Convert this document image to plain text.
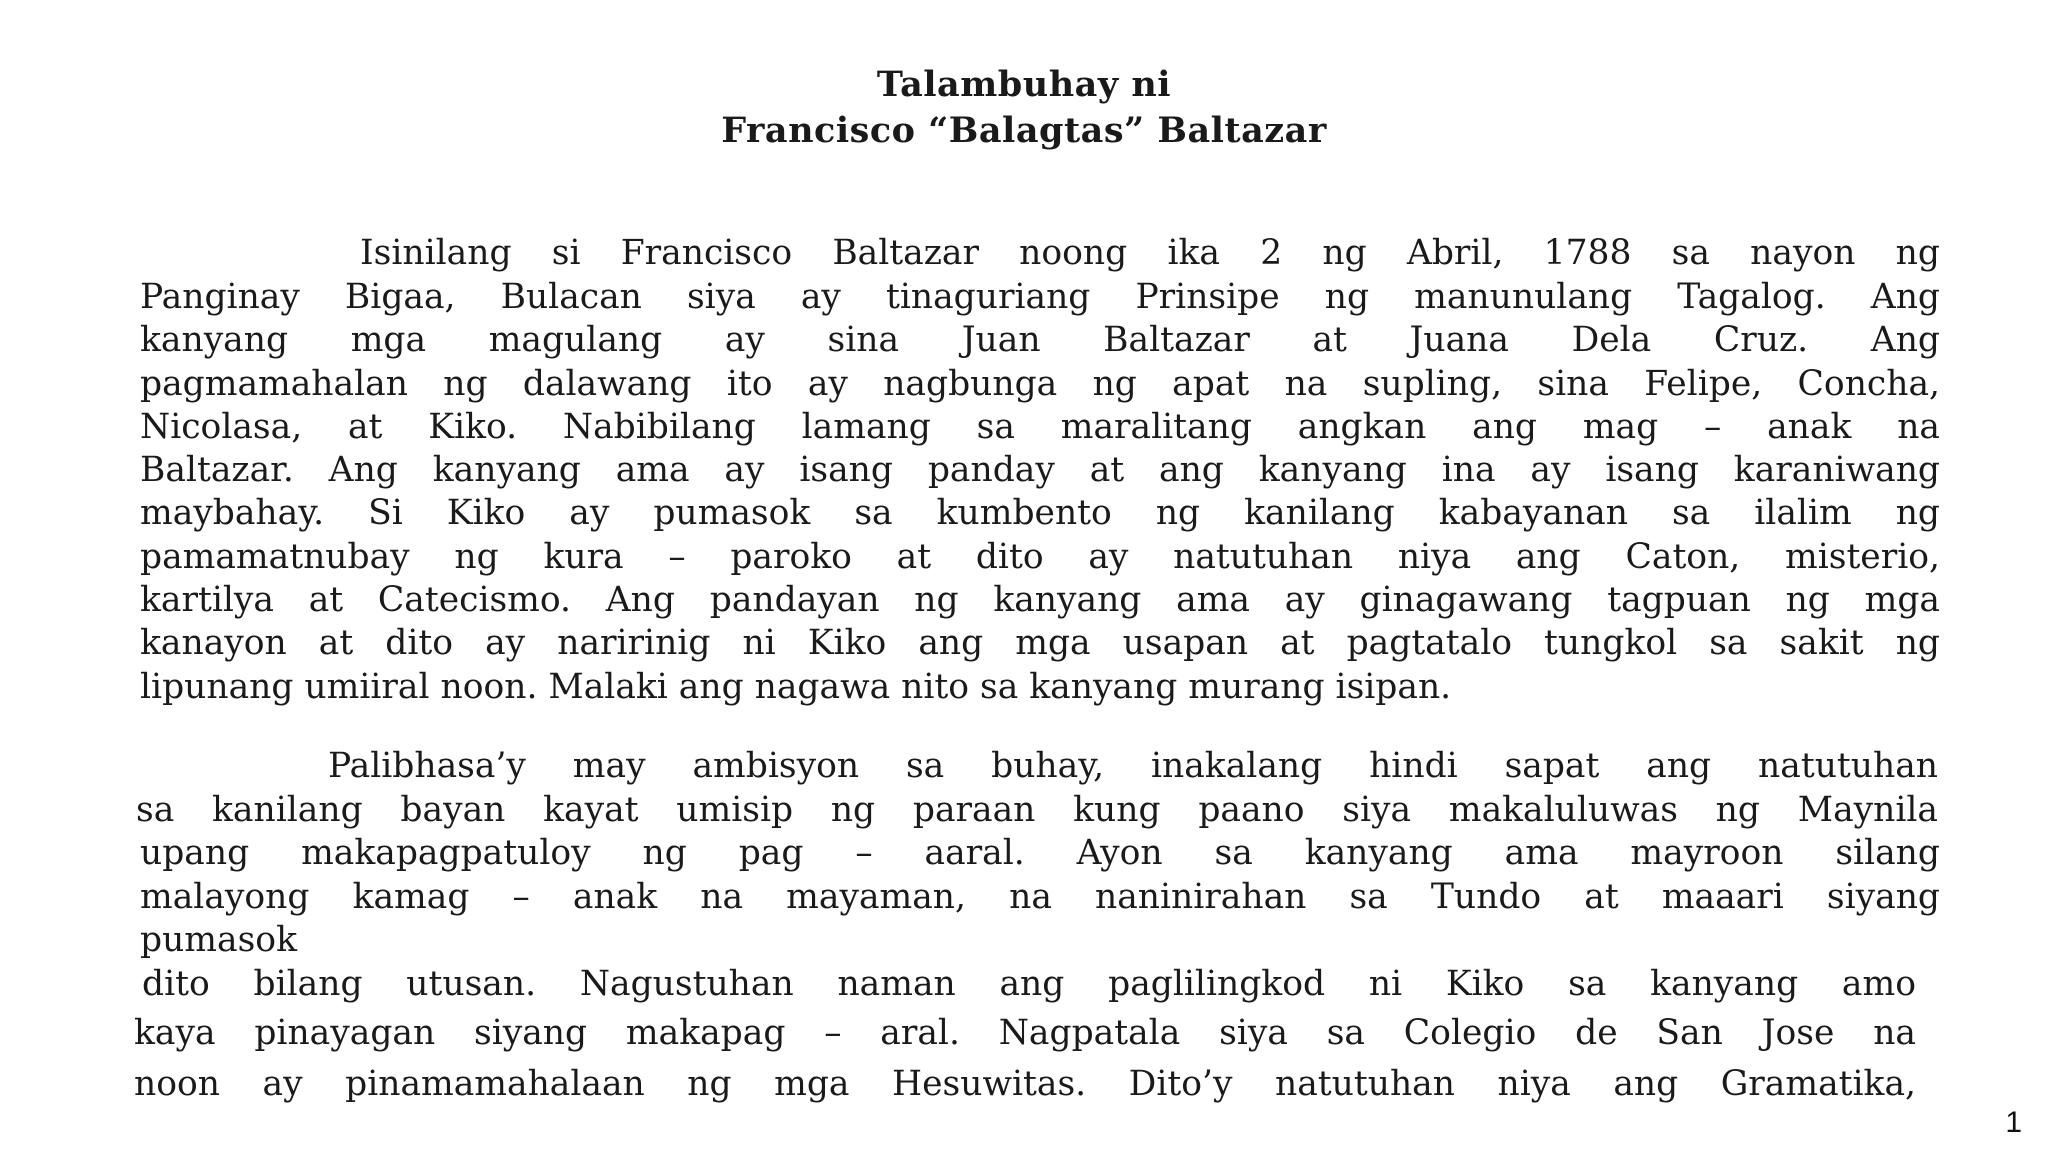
Talambuhay ni
Francisco “Balagtas” Baltazar
Isinilang si Francisco Baltazar noong ika 2 ng Abril, 1788 sa nayon ng
Panginay Bigaa, Bulacan siya ay tinaguriang Prinsipe ng manunulang Tagalog. Ang
kanyang mga magulang ay sina Juan Baltazar at Juana Dela Cruz. Ang
pagmamahalan ng dalawang ito ay nagbunga ng apat na supling, sina Felipe, Concha,
Nicolasa, at Kiko. Nabibilang lamang sa maralitang angkan ang mag – anak na
Baltazar. Ang kanyang ama ay isang panday at ang kanyang ina ay isang karaniwang
maybahay. Si Kiko ay pumasok sa kumbento ng kanilang kabayanan sa ilalim ng
pamamatnubay ng kura – paroko at dito ay natutuhan niya ang Caton, misterio,
kartilya at Catecismo. Ang pandayan ng kanyang ama ay ginagawang tagpuan ng mga
kanayon at dito ay naririnig ni Kiko ang mga usapan at pagtatalo tungkol sa sakit ng
lipunang umiiral noon. Malaki ang nagawa nito sa kanyang murang isipan.
Palibhasa’y may ambisyon sa buhay, inakalang hindi sapat ang natutuhan
sa kanilang bayan kayat umisip ng paraan kung paano siya makaluluwas ng Maynila
upang makapagpatuloy ng pag – aaral. Ayon sa kanyang ama mayroon silang
malayong kamag – anak na mayaman, na naninirahan sa Tundo at maaari siyang
pumasok
dito bilang utusan. Nagustuhan naman ang paglilingkod ni Kiko sa kanyang amo
kaya pinayagan siyang makapag – aral. Nagpatala siya sa Colegio de San Jose na
noon ay pinamamahalaan ng mga Hesuwitas. Dito’y natutuhan niya ang Gramatika,
1
